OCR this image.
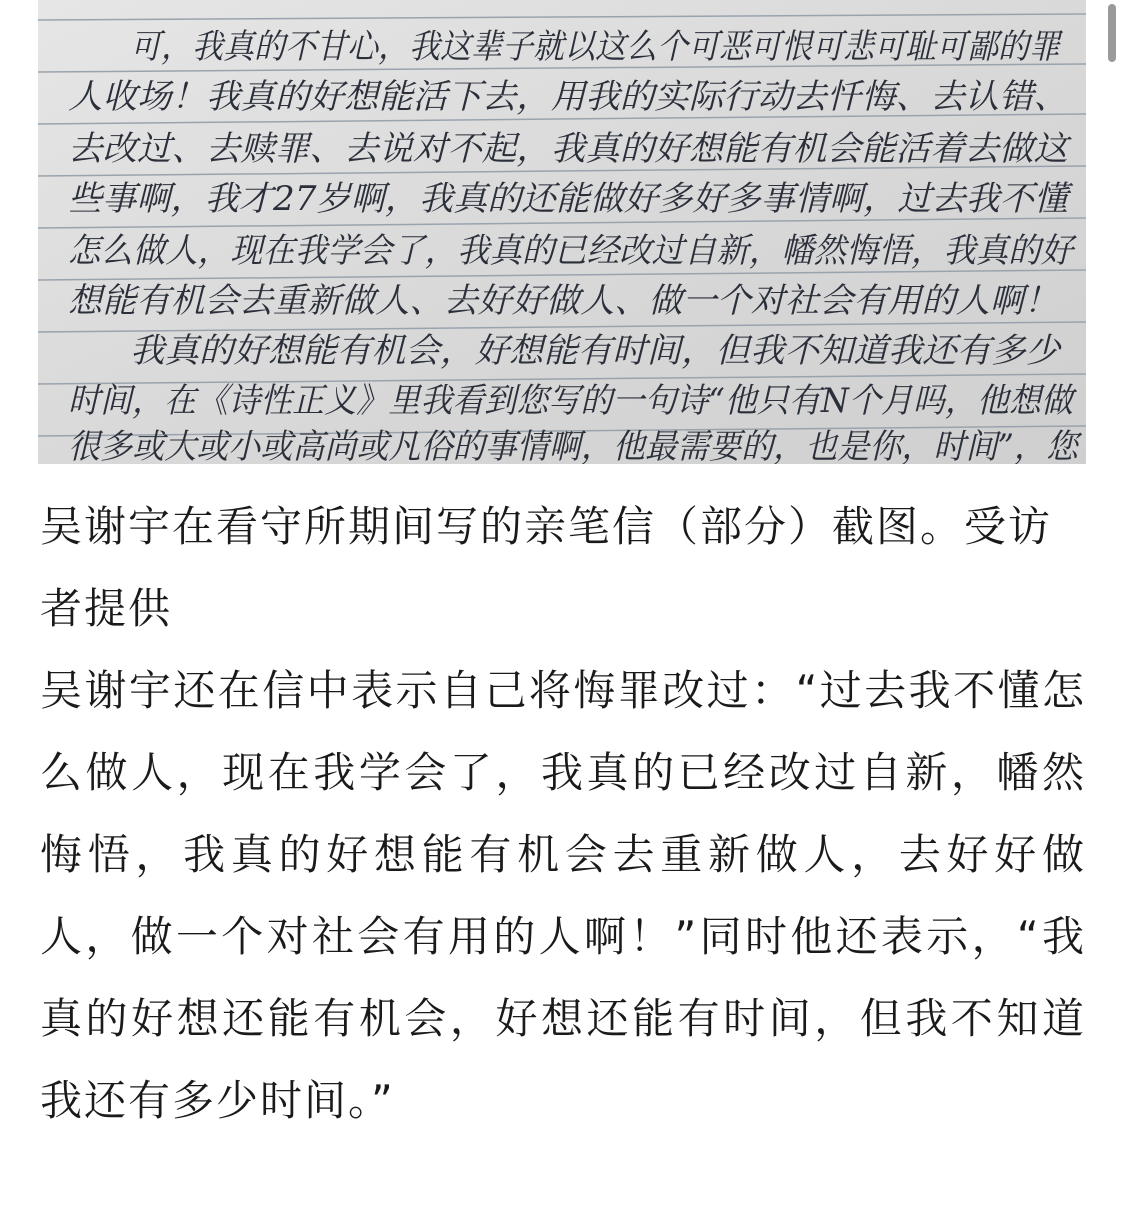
可，我真的不甘心，我这辈子就以这么个可恶可恨可悲可耻可鄙的罪
人收场！我真的好想能活下去，用我的实际行动去忏悔、去认错、
去改过、去赎罪、去说对不起，我真的好想能有机会能活着去做这
些事啊，我才27岁啊，我真的还能做好多好多事情啊，过去我不懂
怎么做人，现在我学会了，我真的已经改过自新，幡然悔悟，我真的好
想能有机会去重新做人、去好好做人、做一个对社会有用的人啊！
我真的好想能有机会，好想能有时间，但我不知道我还有多少
时间，在《诗性正义》里我看到您写的一句诗“他只有N个月吗，他想做
很多或大或小或高尚或凡俗的事情啊，他最需要的，也是你，时间”，您

吴谢宇在看守所期间写的亲笔信（部分）截图。受访者提供

吴谢宇还在信中表示自己将悔罪改过：“过去我不懂怎么做人，现在我学会了，我真的已经改过自新，幡然悔悟，我真的好想能有机会去重新做人，去好好做人，做一个对社会有用的人啊！”同时他还表示，“我真的好想还能有机会，好想还能有时间，但我不知道我还有多少时间。”
